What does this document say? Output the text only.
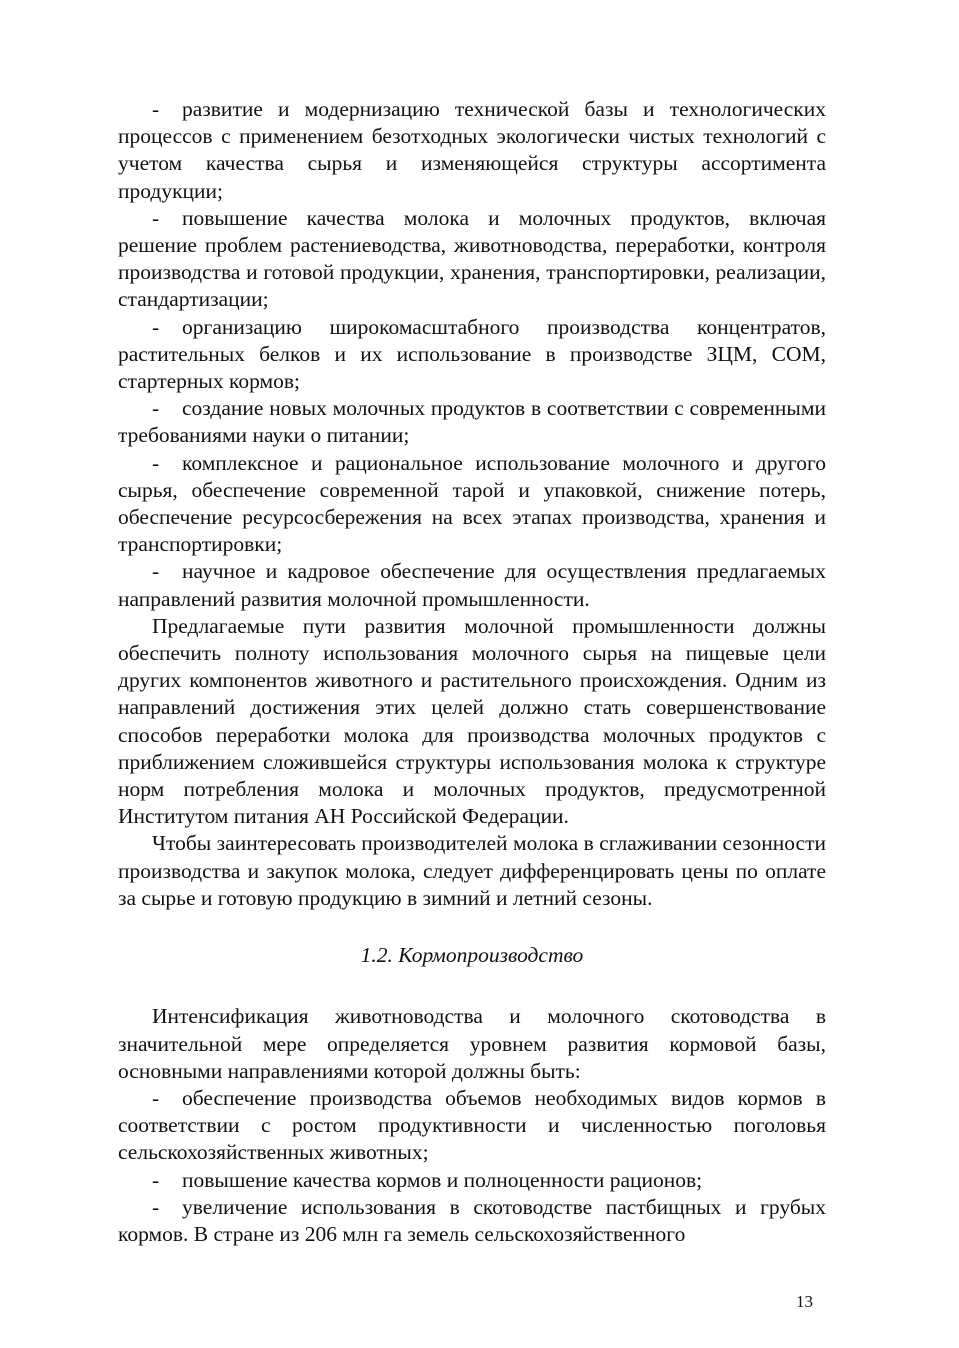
- развитие и модернизацию технической базы и технологических процессов с применением безотходных экологически чистых технологий с учетом качества сырья и изменяющейся структуры ассортимента продукции;

- повышение качества молока и молочных продуктов, включая решение проблем растениеводства, животноводства, переработки, контроля производства и готовой продукции, хранения, транспортировки, реализации, стандартизации;

- организацию широкомасштабного производства концентратов, растительных белков и их использование в производстве ЗЦМ, СОМ, стартерных кормов;

- создание новых молочных продуктов в соответствии с современными требованиями науки о питании;

- комплексное и рациональное использование молочного и другого сырья, обеспечение современной тарой и упаковкой, снижение потерь, обеспечение ресурсосбережения на всех этапах производства, хранения и транспортировки;

- научное и кадровое обеспечение для осуществления предлагаемых направлений развития молочной промышленности.

Предлагаемые пути развития молочной промышленности должны обеспечить полноту использования молочного сырья на пищевые цели других компонентов животного и растительного происхождения. Одним из направлений достижения этих целей должно стать совершенствование способов переработки молока для производства молочных продуктов с приближением сложившейся структуры использования молока к структуре норм потребления молока и молочных продуктов, предусмотренной Институтом питания АН Российской Федерации.

Чтобы заинтересовать производителей молока в сглаживании сезонности производства и закупок молока, следует дифференцировать цены по оплате за сырье и готовую продукцию в зимний и летний сезоны.

1.2. Кормопроизводство

Интенсификация животноводства и молочного скотоводства в значительной мере определяется уровнем развития кормовой базы, основными направлениями которой должны быть:

- обеспечение производства объемов необходимых видов кормов в соответствии с ростом продуктивности и численностью поголовья сельскохозяйственных животных;

- повышение качества кормов и полноценности рационов;

- увеличение использования в скотоводстве пастбищных и грубых кормов. В стране из 206 млн га земель сельскохозяйственного

13
